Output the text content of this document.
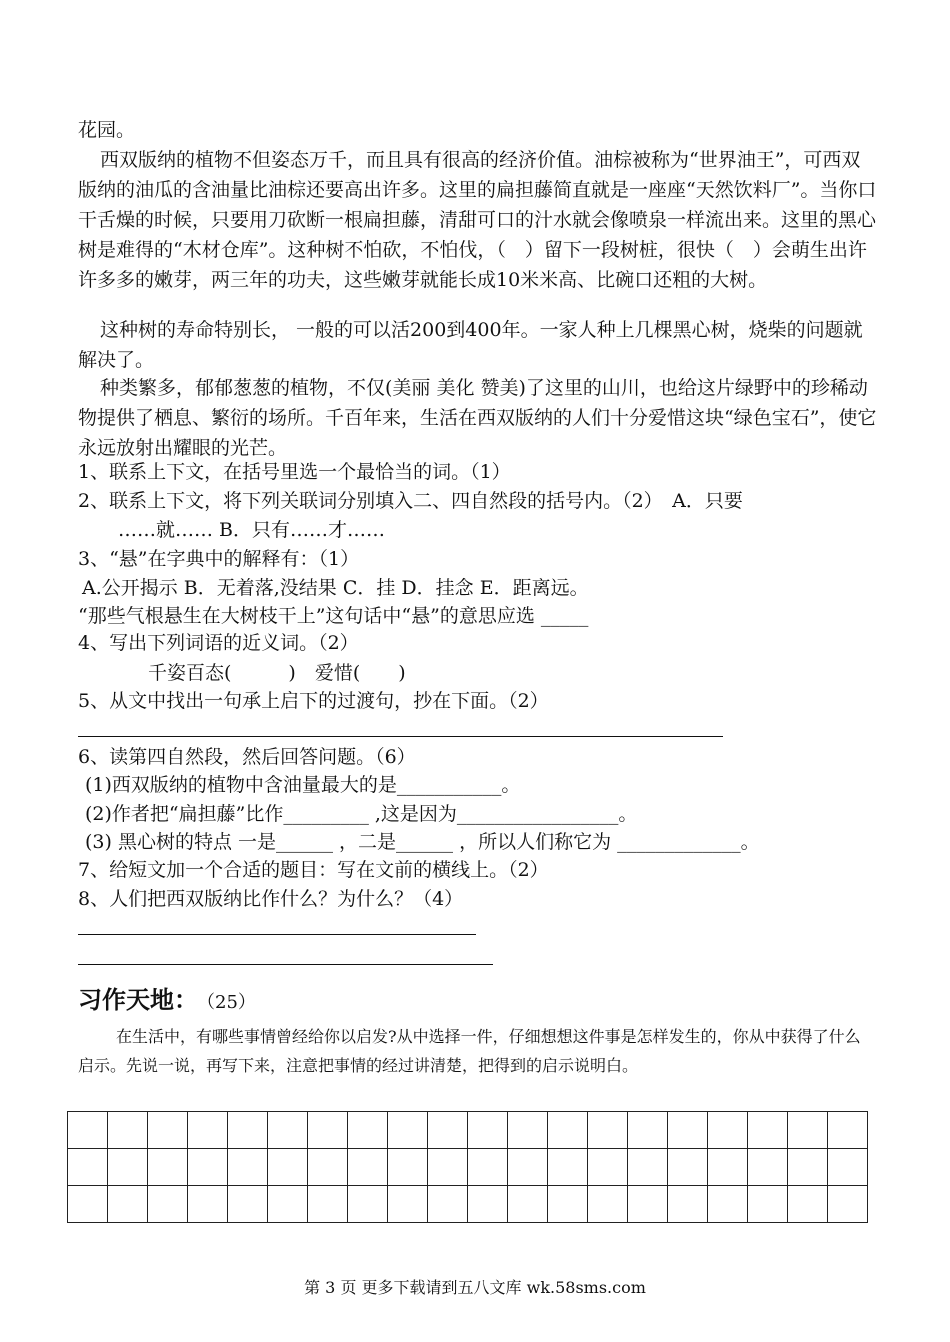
花园。
西双版纳的植物不但姿态万千，而且具有很高的经济价值。油棕被称为“世界油王”，可西双版纳的油瓜的含油量比油棕还要高出许多。这里的扁担藤简直就是一座座“天然饮料厂”。当你口干舌燥的时候，只要用刀砍断一根扁担藤，清甜可口的汁水就会像喷泉一样流出来。这里的黑心树是难得的“木材仓库”。这种树不怕砍，不怕伐，（　）留下一段树桩，很快（　）会萌生出许许多多的嫩芽，两三年的功夫，这些嫩芽就能长成10米米高、比碗口还粗的大树。
这种树的寿命特别长， 一般的可以活200到400年。一家人种上几棵黑心树，烧柴的问题就解决了。
种类繁多，郁郁葱葱的植物，不仅(美丽 美化 赞美)了这里的山川，也给这片绿野中的珍稀动物提供了栖息、繁衍的场所。千百年来，生活在西双版纳的人们十分爱惜这块“绿色宝石”，使它永远放射出耀眼的光芒。
1、联系上下文，在括号里选一个最恰当的词。（1）
2、联系上下文，将下列关联词分别填入二、四自然段的括号内。（2）　A．只要
……就…… B．只有……才……
3、“悬”在字典中的解释有：（1）
A.公开揭示 B．无着落,没结果 C．挂 D．挂念 E．距离远。
“那些气根悬生在大树枝干上”这句话中“悬”的意思应选 _____
4、写出下列词语的近义词。（2）
千姿百态(　　　)　爱惜(　　)
5、从文中找出一句承上启下的过渡句，抄在下面。（2）
6、读第四自然段，然后回答问题。（6）
(1)西双版纳的植物中含油量最大的是___________。
(2)作者把“扁担藤”比作_________ ,这是因为_________________。
(3) 黑心树的特点 一是______ ，二是______ ，所以人们称它为 _____________。
7、给短文加一个合适的题目：写在文前的横线上。（2）
8、人们把西双版纳比作什么？为什么？（4）
习作天地： （25）
在生活中，有哪些事情曾经给你以启发?从中选择一件，仔细想想这件事是怎样发生的，你从中获得了什么启示。先说一说，再写下来，注意把事情的经过讲清楚，把得到的启示说明白。

第 3 页 更多下载请到五八文库 wk.58sms.com
